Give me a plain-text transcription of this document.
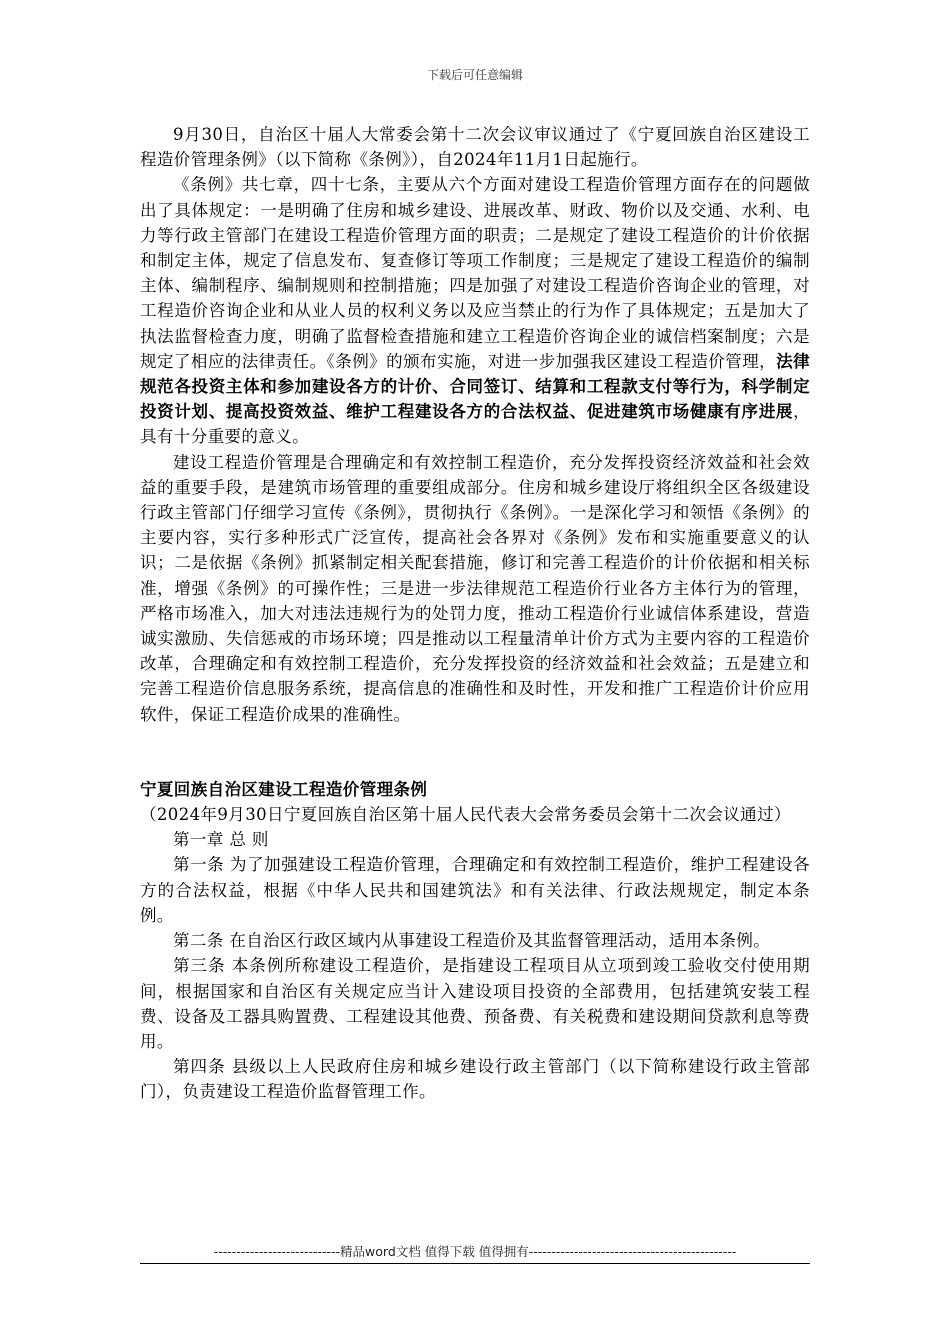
下载后可任意编辑

9月30日，自治区十届人大常委会第十二次会议审议通过了《宁夏回族自治区建设工程造价管理条例》（以下简称《条例》），自2024年11月1日起施行。

《条例》共七章，四十七条，主要从六个方面对建设工程造价管理方面存在的问题做出了具体规定：一是明确了住房和城乡建设、进展改革、财政、物价以及交通、水利、电力等行政主管部门在建设工程造价管理方面的职责；二是规定了建设工程造价的计价依据和制定主体，规定了信息发布、复查修订等项工作制度；三是规定了建设工程造价的编制主体、编制程序、编制规则和控制措施；四是加强了对建设工程造价咨询企业的管理，对工程造价咨询企业和从业人员的权利义务以及应当禁止的行为作了具体规定；五是加大了执法监督检查力度，明确了监督检查措施和建立工程造价咨询企业的诚信档案制度；六是规定了相应的法律责任。《条例》的颁布实施，对进一步加强我区建设工程造价管理，法律规范各投资主体和参加建设各方的计价、合同签订、结算和工程款支付等行为，科学制定投资计划、提高投资效益、维护工程建设各方的合法权益、促进建筑市场健康有序进展，具有十分重要的意义。

建设工程造价管理是合理确定和有效控制工程造价，充分发挥投资经济效益和社会效益的重要手段，是建筑市场管理的重要组成部分。住房和城乡建设厅将组织全区各级建设行政主管部门仔细学习宣传《条例》，贯彻执行《条例》。一是深化学习和领悟《条例》的主要内容，实行多种形式广泛宣传，提高社会各界对《条例》发布和实施重要意义的认识；二是依据《条例》抓紧制定相关配套措施，修订和完善工程造价的计价依据和相关标准，增强《条例》的可操作性；三是进一步法律规范工程造价行业各方主体行为的管理，严格市场准入，加大对违法违规行为的处罚力度，推动工程造价行业诚信体系建设，营造诚实激励、失信惩戒的市场环境；四是推动以工程量清单计价方式为主要内容的工程造价改革，合理确定和有效控制工程造价，充分发挥投资的经济效益和社会效益；五是建立和完善工程造价信息服务系统，提高信息的准确性和及时性，开发和推广工程造价计价应用软件，保证工程造价成果的准确性。

宁夏回族自治区建设工程造价管理条例

（2024年9月30日宁夏回族自治区第十届人民代表大会常务委员会第十二次会议通过）

第一章 总 则

第一条 为了加强建设工程造价管理，合理确定和有效控制工程造价，维护工程建设各方的合法权益，根据《中华人民共和国建筑法》和有关法律、行政法规规定，制定本条例。

第二条 在自治区行政区域内从事建设工程造价及其监督管理活动，适用本条例。

第三条 本条例所称建设工程造价，是指建设工程项目从立项到竣工验收交付使用期间，根据国家和自治区有关规定应当计入建设项目投资的全部费用，包括建筑安装工程费、设备及工器具购置费、工程建设其他费、预备费、有关税费和建设期间贷款利息等费用。

第四条 县级以上人民政府住房和城乡建设行政主管部门（以下简称建设行政主管部门），负责建设工程造价监督管理工作。

----------------------------精品word文档 值得下载 值得拥有----------------------------------------------
